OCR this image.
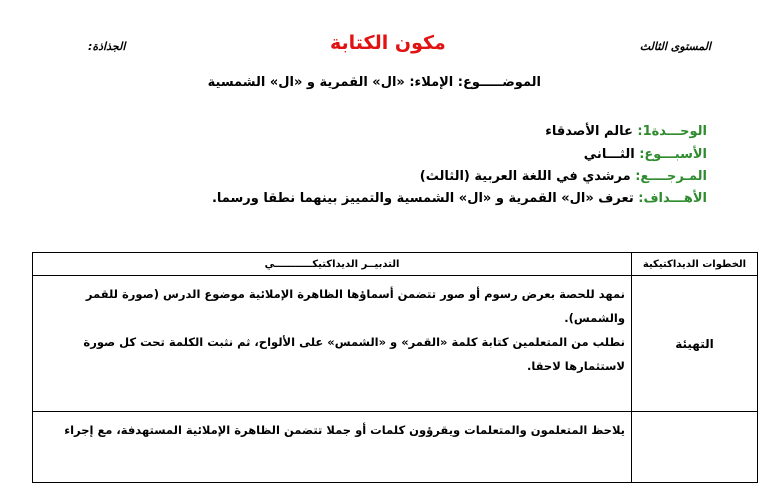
المستوى الثالث
مكون الكتابة
الجذاذة:
الموضـــــوع: الإملاء: «ال» القمرية و «ال» الشمسية
الوحـــدة1: عالم الأصدقاء
الأسبـــوع: الثـــاني
المـرجــــع: مرشدي في اللغة العربية (الثالث)
الأهـــداف: تعرف «ال» القمرية و «ال» الشمسية والتمييز بينهما نطقا ورسما.
الخطوات الديداكتيكية	التدبيــر الديداكتيكـــــــــــي
التهيئة	نمهد للحصة بعرض رسوم أو صور تتضمن أسماؤها الظاهرة الإملائية موضوع الدرس (صورة للقمر
والشمس).
نطلب من المتعلمين كتابة كلمة «القمر» و «الشمس» على الألواح، ثم نثبت الكلمة تحت كل صورة
لاستثمارها لاحقا.

	يلاحظ المتعلمون والمتعلمات ويقرؤون كلمات أو جملا تتضمن الظاهرة الإملائية المستهدفة، مع إجراء
